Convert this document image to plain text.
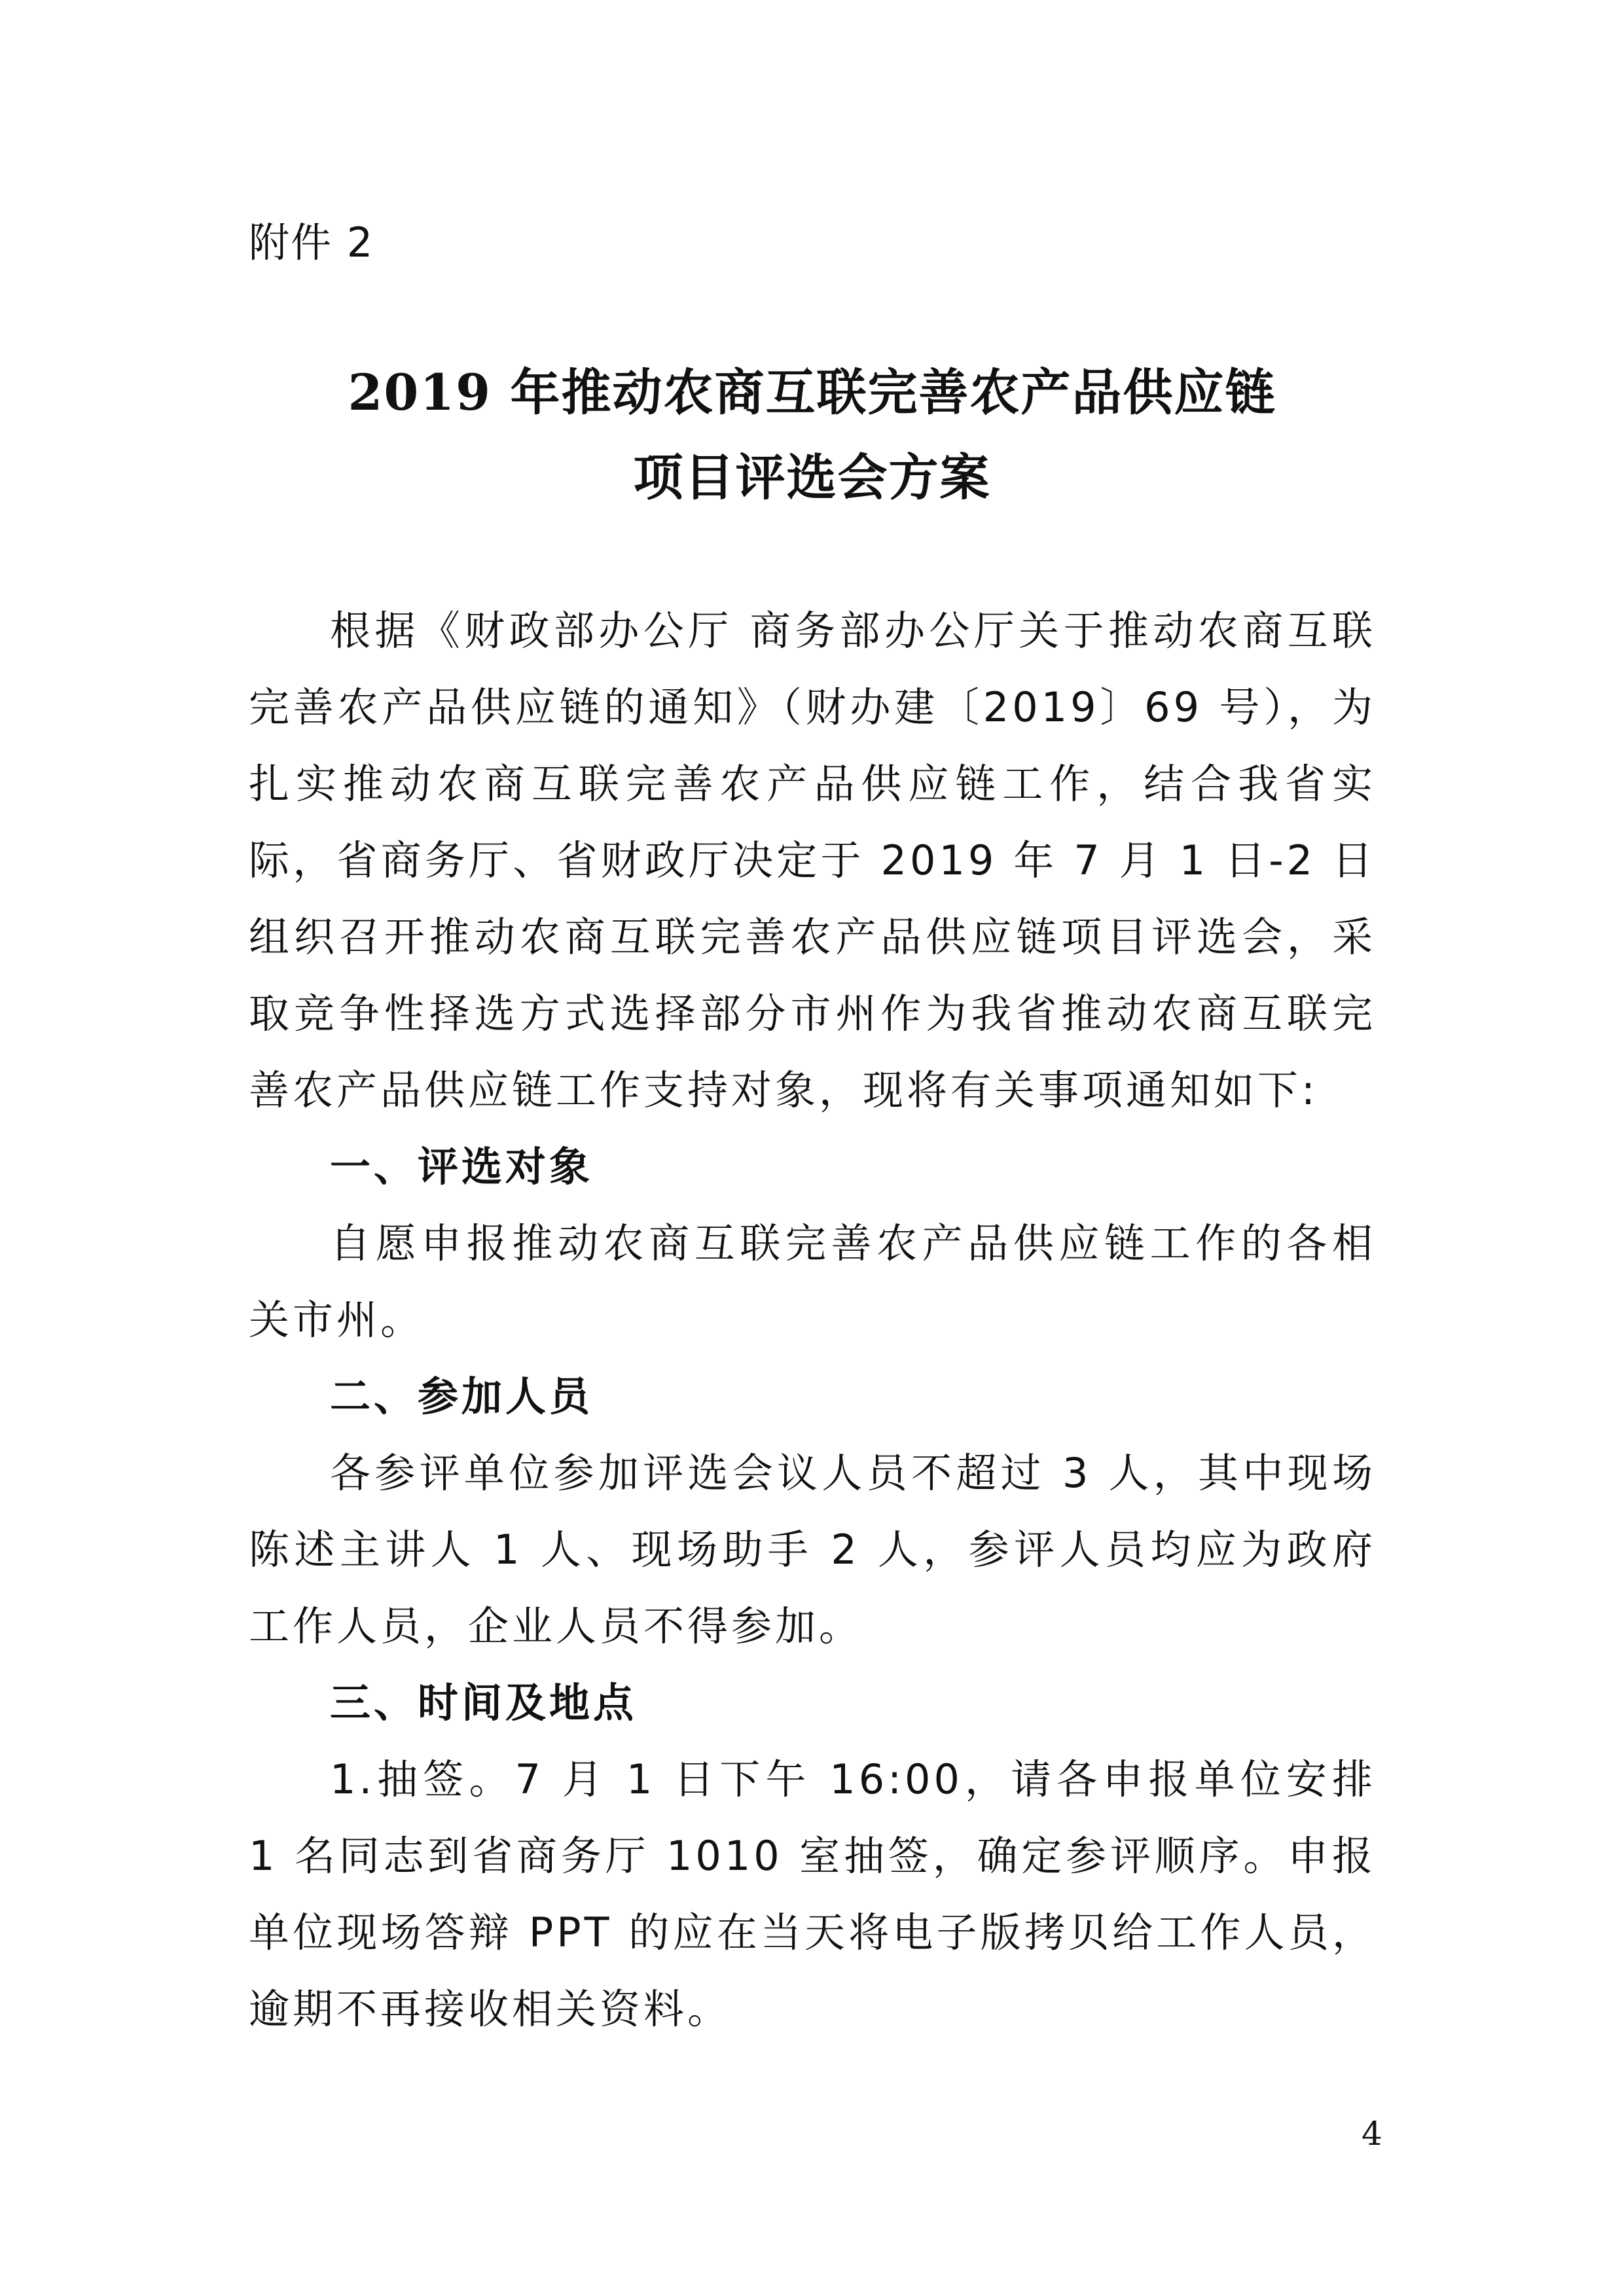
附件 2
2019 年推动农商互联完善农产品供应链
项目评选会方案

根据《财政部办公厅 商务部办公厅关于推动农商互联完善农产品供应链的通知》（财办建〔2019〕69 号），为扎实推动农商互联完善农产品供应链工作，结合我省实际，省商务厅、省财政厅决定于 2019 年 7 月 1 日-2 日组织召开推动农商互联完善农产品供应链项目评选会，采取竞争性择选方式选择部分市州作为我省推动农商互联完善农产品供应链工作支持对象，现将有关事项通知如下:

一、评选对象

自愿申报推动农商互联完善农产品供应链工作的各相关市州。

二、参加人员

各参评单位参加评选会议人员不超过 3 人，其中现场陈述主讲人 1 人、现场助手 2 人，参评人员均应为政府工作人员，企业人员不得参加。

三、时间及地点

1.抽签。7 月 1 日下午 16:00，请各申报单位安排 1 名同志到省商务厅 1010 室抽签，确定参评顺序。申报单位现场答辩 PPT 的应在当天将电子版拷贝给工作人员，逾期不再接收相关资料。

4
